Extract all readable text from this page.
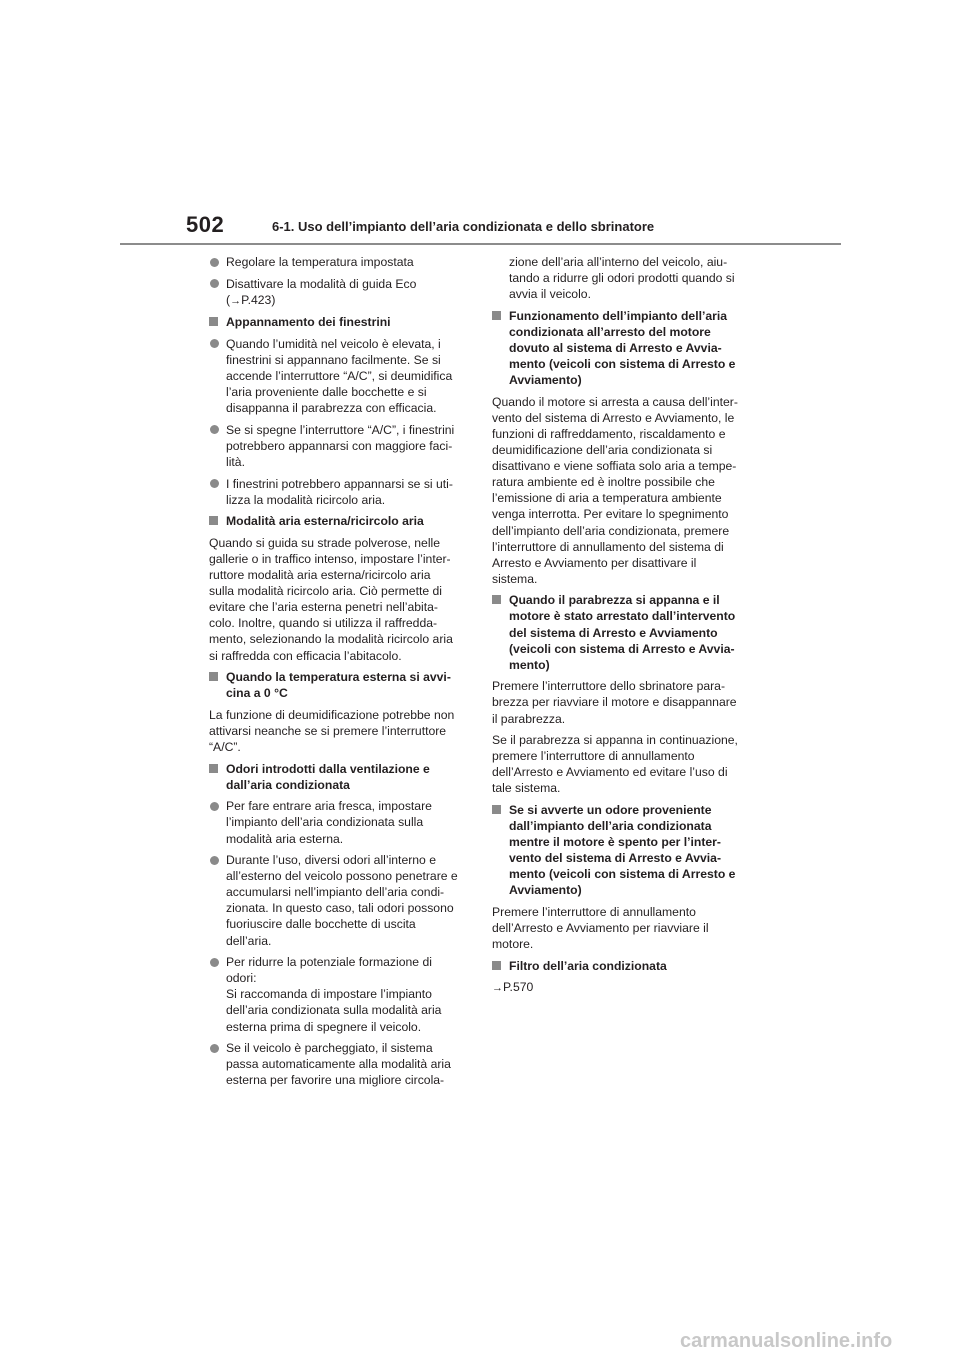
502	6-1. Uso dell’impianto dell’aria condizionata e dello sbrinatore
Regolare la temperatura impostata
Disattivare la modalità di guida Eco
(→P.423)
Appannamento dei finestrini
Quando l’umidità nel veicolo è elevata, i
finestrini si appannano facilmente. Se si
accende l’interruttore “A/C”, si deumidifica
l’aria proveniente dalle bocchette e si
disappanna il parabrezza con efficacia.
Se si spegne l’interruttore “A/C”, i finestrini
potrebbero appannarsi con maggiore faci-
lità.
I finestrini potrebbero appannarsi se si uti-
lizza la modalità ricircolo aria.
Modalità aria esterna/ricircolo aria
Quando si guida su strade polverose, nelle
gallerie o in traffico intenso, impostare l’inter-
ruttore modalità aria esterna/ricircolo aria
sulla modalità ricircolo aria. Ciò permette di
evitare che l’aria esterna penetri nell’abita-
colo. Inoltre, quando si utilizza il raffredda-
mento, selezionando la modalità ricircolo aria
si raffredda con efficacia l’abitacolo.
Quando la temperatura esterna si avvi-
cina a 0 °C
La funzione di deumidificazione potrebbe non
attivarsi neanche se si premere l’interruttore
“A/C”.
Odori introdotti dalla ventilazione e
dall’aria condizionata
Per fare entrare aria fresca, impostare
l’impianto dell’aria condizionata sulla
modalità aria esterna.
Durante l’uso, diversi odori all’interno e
all’esterno del veicolo possono penetrare e
accumularsi nell’impianto dell’aria condi-
zionata. In questo caso, tali odori possono
fuoriuscire dalle bocchette di uscita
dell’aria.
Per ridurre la potenziale formazione di
odori:
Si raccomanda di impostare l’impianto
dell’aria condizionata sulla modalità aria
esterna prima di spegnere il veicolo.
Se il veicolo è parcheggiato, il sistema
passa automaticamente alla modalità aria
esterna per favorire una migliore circola-
zione dell’aria all’interno del veicolo, aiu-
tando a ridurre gli odori prodotti quando si
avvia il veicolo.
Funzionamento dell’impianto dell’aria
condizionata all’arresto del motore
dovuto al sistema di Arresto e Avvia-
mento (veicoli con sistema di Arresto e
Avviamento)
Quando il motore si arresta a causa dell’inter-
vento del sistema di Arresto e Avviamento, le
funzioni di raffreddamento, riscaldamento e
deumidificazione dell’aria condizionata si
disattivano e viene soffiata solo aria a tempe-
ratura ambiente ed è inoltre possibile che
l’emissione di aria a temperatura ambiente
venga interrotta. Per evitare lo spegnimento
dell’impianto dell’aria condizionata, premere
l’interruttore di annullamento del sistema di
Arresto e Avviamento per disattivare il
sistema.
Quando il parabrezza si appanna e il
motore è stato arrestato dall’intervento
del sistema di Arresto e Avviamento
(veicoli con sistema di Arresto e Avvia-
mento)
Premere l’interruttore dello sbrinatore para-
brezza per riavviare il motore e disappannare
il parabrezza.
Se il parabrezza si appanna in continuazione,
premere l’interruttore di annullamento
dell’Arresto e Avviamento ed evitare l’uso di
tale sistema.
Se si avverte un odore proveniente
dall’impianto dell’aria condizionata
mentre il motore è spento per l’inter-
vento del sistema di Arresto e Avvia-
mento (veicoli con sistema di Arresto e
Avviamento)
Premere l’interruttore di annullamento
dell’Arresto e Avviamento per riavviare il
motore.
Filtro dell’aria condizionata
→P.570
carmanualsonline.info
